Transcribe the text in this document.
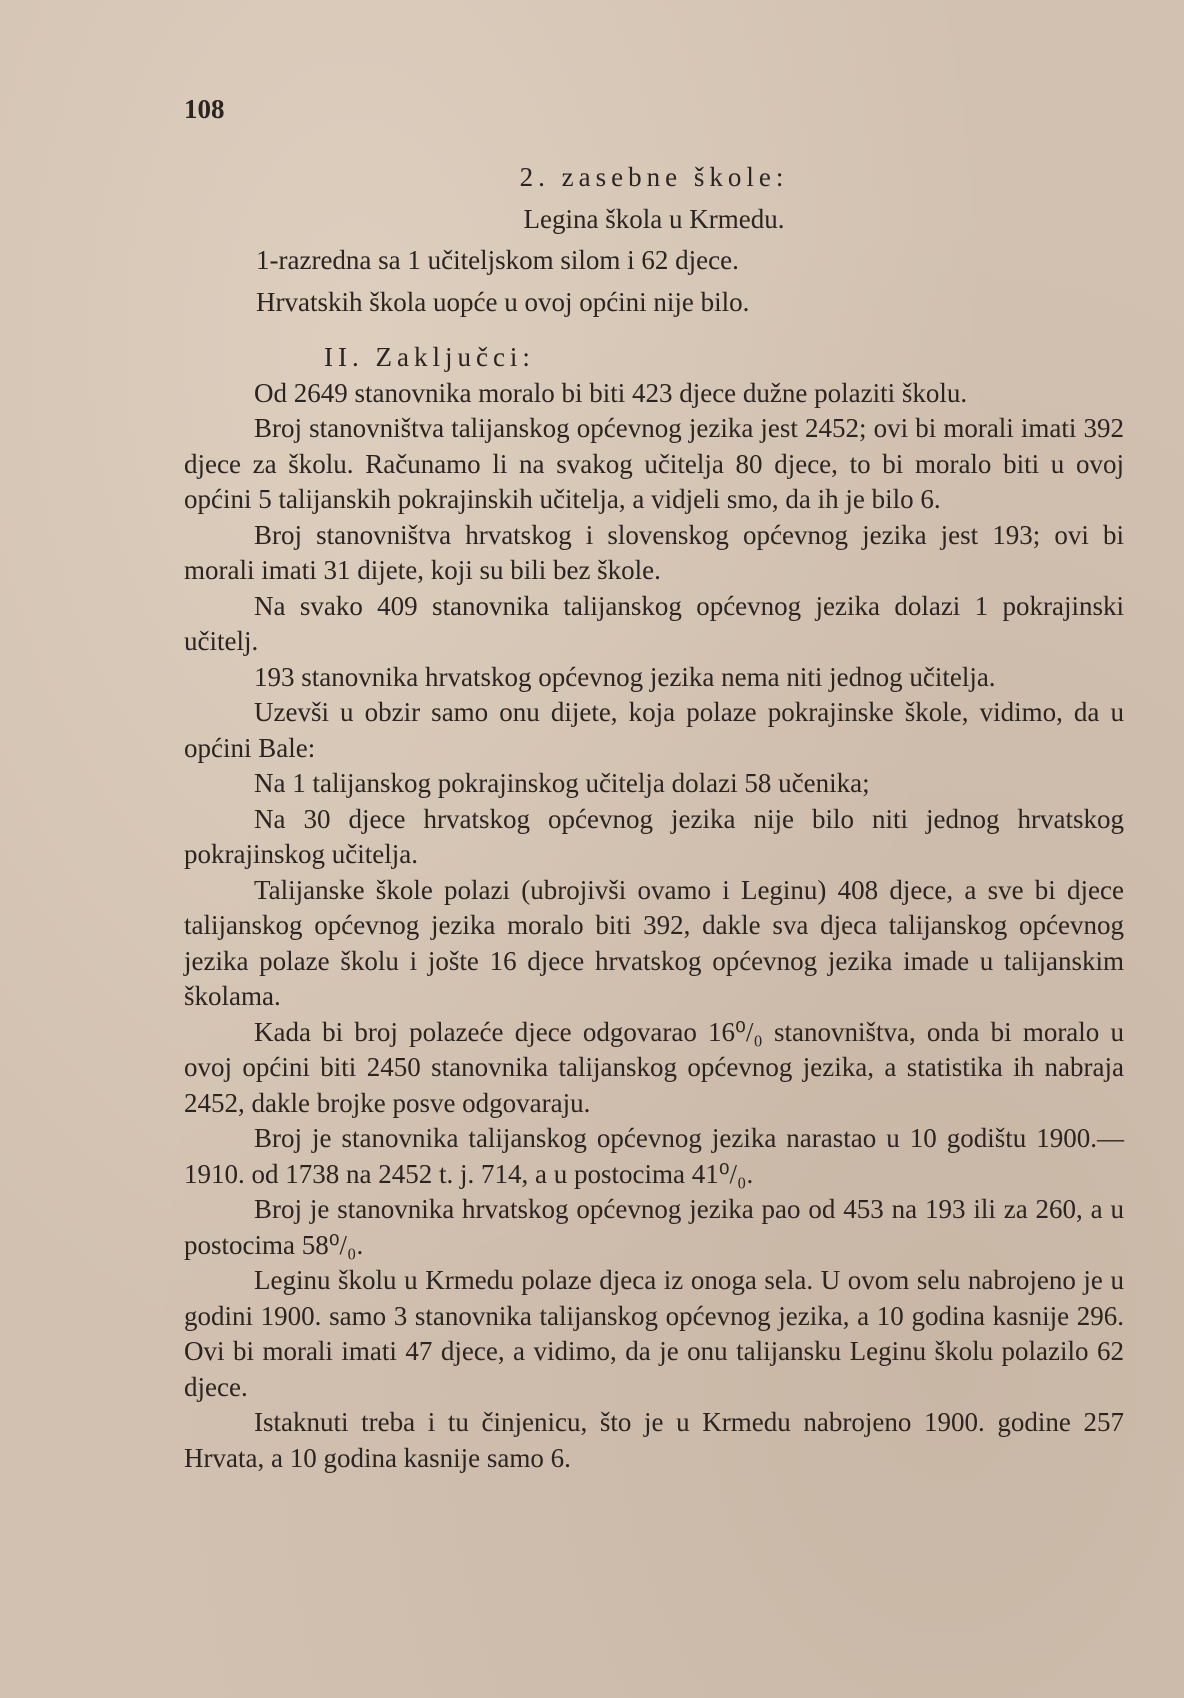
108

2. zasebne škole:

Legina škola u Krmedu.

1-razredna sa 1 učiteljskom silom i 62 djece.

Hrvatskih škola uopće u ovoj općini nije bilo.

II. Zaključci:

Od 2649 stanovnika moralo bi biti 423 djece dužne polaziti školu.

Broj stanovništva talijanskog općevnog jezika jest 2452; ovi bi morali imati 392 djece za školu. Računamo li na svakog učitelja 80 djece, to bi moralo biti u ovoj općini 5 talijanskih pokrajinskih učitelja, a vidjeli smo, da ih je bilo 6.

Broj stanovništva hrvatskog i slovenskog općevnog jezika jest 193; ovi bi morali imati 31 dijete, koji su bili bez škole.

Na svako 409 stanovnika talijanskog općevnog jezika dolazi 1 pokrajinski učitelj.

193 stanovnika hrvatskog općevnog jezika nema niti jednog učitelja.

Uzevši u obzir samo onu dijete, koja polaze pokrajinske škole, vidimo, da u općini Bale:

Na 1 talijanskog pokrajinskog učitelja dolazi 58 učenika;

Na 30 djece hrvatskog općevnog jezika nije bilo niti jednog hrvatskog pokrajinskog učitelja.

Talijanske škole polazi (ubrojivši ovamo i Leginu) 408 djece, a sve bi djece talijanskog općevnog jezika moralo biti 392, dakle sva djeca talijanskog općevnog jezika polaze školu i jošte 16 djece hrvatskog općevnog jezika imade u talijanskim školama.

Kada bi broj polazeće djece odgovarao 16⁰/₀ stanovništva, onda bi moralo u ovoj općini biti 2450 stanovnika talijanskog općevnog jezika, a statistika ih nabraja 2452, dakle brojke posve odgovaraju.

Broj je stanovnika talijanskog općevnog jezika narastao u 10 godištu 1900.—1910. od 1738 na 2452 t. j. 714, a u postocima 41⁰/₀.

Broj je stanovnika hrvatskog općevnog jezika pao od 453 na 193 ili za 260, a u postocima 58⁰/₀.

Leginu školu u Krmedu polaze djeca iz onoga sela. U ovom selu nabrojeno je u godini 1900. samo 3 stanovnika talijanskog općevnog jezika, a 10 godina kasnije 296. Ovi bi morali imati 47 djece, a vidimo, da je onu talijansku Leginu školu polazilo 62 djece.

Istaknuti treba i tu činjenicu, što je u Krmedu nabrojeno 1900. godine 257 Hrvata, a 10 godina kasnije samo 6.
